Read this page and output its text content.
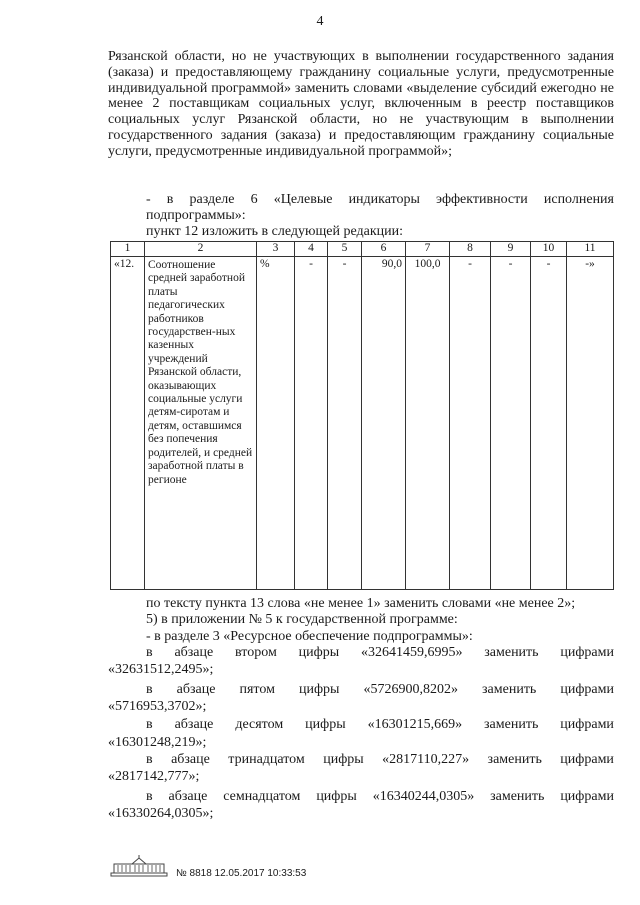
4
Рязанской области, но не участвующих в выполнении государственного задания (заказа) и предоставляющему гражданину социальные услуги, предусмотренные индивидуальной программой» заменить словами «выделение субсидий ежегодно не менее 2 поставщикам социальных услуг, включенным в реестр поставщиков социальных услуг Рязанской области, но не участвующим в выполнении государственного задания (заказа) и предоставляющим гражданину социальные услуги, предусмотренные индивидуальной программой»;
- в разделе 6 «Целевые индикаторы эффективности исполнения подпрограммы»:
пункт 12 изложить в следующей редакции:
1	2	3	4	5	6	7	8	9	10	11
«12.	Соотношение средней заработной платы педагогических работников государствен-ных казенных учреждений Рязанской области, оказывающих социальные услуги детям-сиротам и детям, оставшимся без попечения родителей, и средней заработной платы в регионе	%	-	-	90,0	100,0	-	-	-	-»
по тексту пункта 13 слова «не менее 1» заменить словами «не менее 2»;
5) в приложении № 5 к государственной программе:
- в разделе 3 «Ресурсное обеспечение подпрограммы»:
в абзаце втором цифры «32641459,6995» заменить цифрами
«32631512,2495»;
в абзаце пятом цифры «5726900,8202» заменить цифрами
«5716953,3702»;
в абзаце десятом цифры «16301215,669» заменить цифрами
«16301248,219»;
в абзаце тринадцатом цифры «2817110,227» заменить цифрами
«2817142,777»;
в абзаце семнадцатом цифры «16340244,0305» заменить цифрами
«16330264,0305»;
№ 8818 12.05.2017 10:33:53
